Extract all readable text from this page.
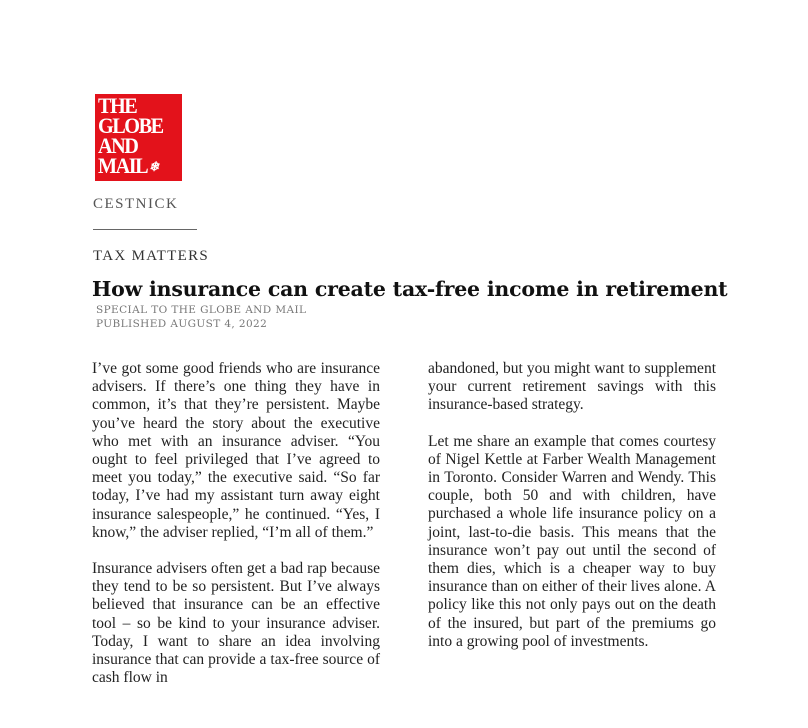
THE
GLOBE
AND
MAIL ❄
CESTNICK
TAX MATTERS
How insurance can create tax-free income in retirement
SPECIAL TO THE GLOBE AND MAIL
PUBLISHED AUGUST 4, 2022

I’ve got some good friends who are insurance advisers. If there’s one thing they have in common, it’s that they’re persistent. Maybe you’ve heard the story about the executive who met with an insurance adviser. “You ought to feel privileged that I’ve agreed to meet you today,” the executive said. “So far today, I’ve had my assistant turn away eight insurance salespeople,” he continued. “Yes, I know,” the adviser replied, “I’m all of them.”

Insurance advisers often get a bad rap because they tend to be so persistent. But I’ve always believed that insurance can be an effective tool – so be kind to your insurance adviser. Today, I want to share an idea involving insurance that can provide a tax-free source of cash flow in

abandoned, but you might want to supplement your current retirement savings with this insurance-based strategy.

Let me share an example that comes courtesy of Nigel Kettle at Farber Wealth Management in Toronto. Consider Warren and Wendy. This couple, both 50 and with children, have purchased a whole life insurance policy on a joint, last-to-die basis. This means that the insurance won’t pay out until the second of them dies, which is a cheaper way to buy insurance than on either of their lives alone. A policy like this not only pays out on the death of the insured, but part of the premiums go into a growing pool of investments.
